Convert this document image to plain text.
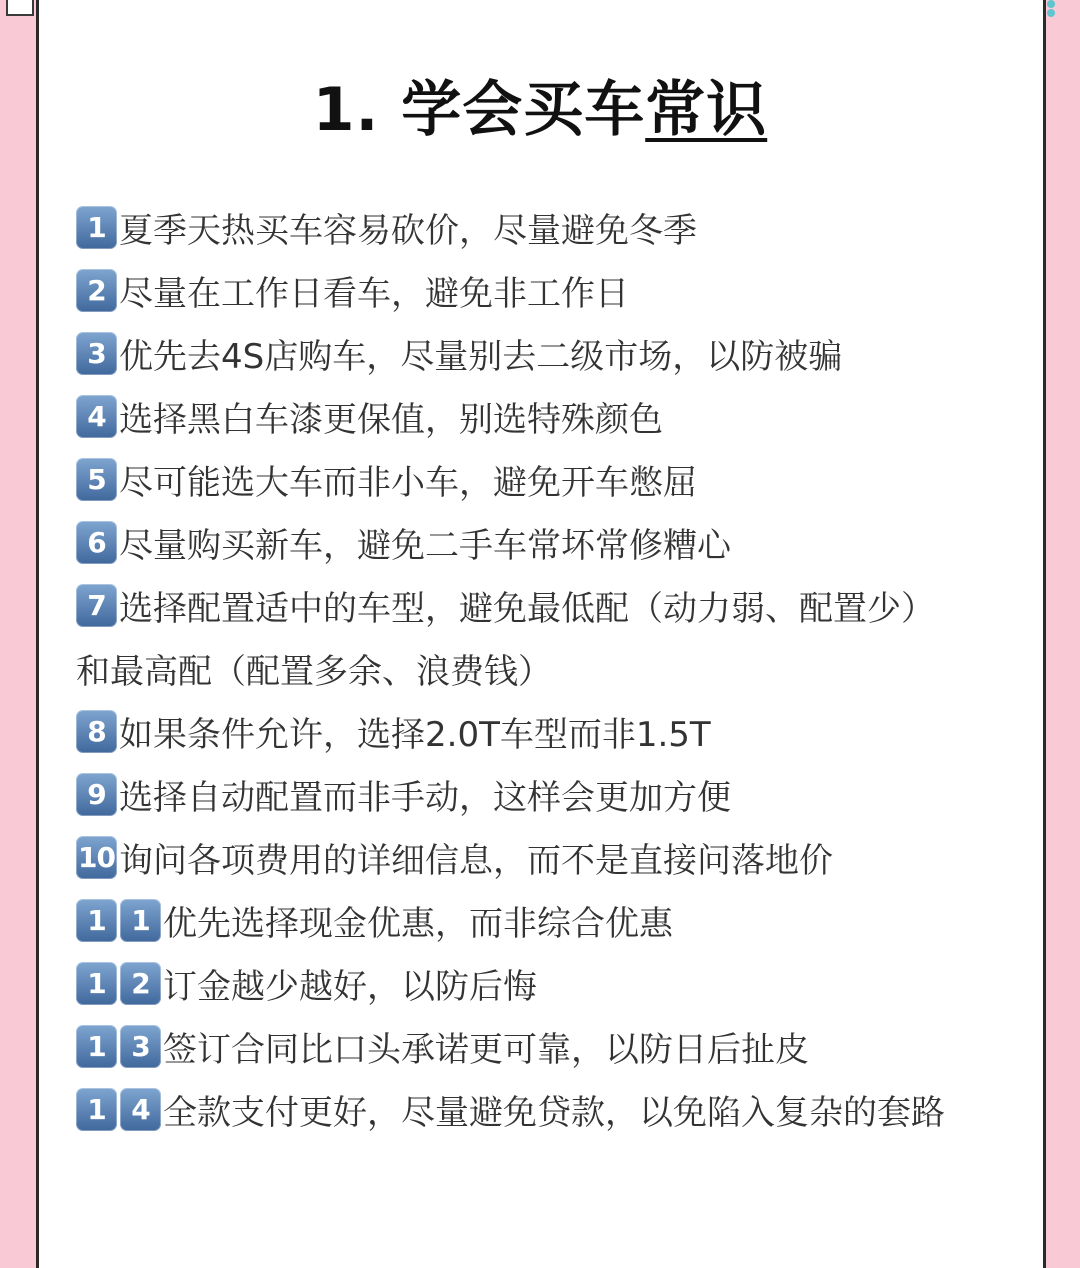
1. 学会买车常识
1 夏季天热买车容易砍价，尽量避免冬季
2 尽量在工作日看车，避免非工作日
3 优先去4S店购车，尽量别去二级市场，以防被骗
4 选择黑白车漆更保值，别选特殊颜色
5 尽可能选大车而非小车，避免开车憋屈
6 尽量购买新车，避免二手车常坏常修糟心
7 选择配置适中的车型，避免最低配（动力弱、配置少）
和最高配（配置多余、浪费钱）
8 如果条件允许，选择2.0T车型而非1.5T
9 选择自动配置而非手动，这样会更加方便
10 询问各项费用的详细信息，而不是直接问落地价
1 1 优先选择现金优惠，而非综合优惠
1 2 订金越少越好，以防后悔
1 3 签订合同比口头承诺更可靠，以防日后扯皮
1 4 全款支付更好，尽量避免贷款，以免陷入复杂的套路
